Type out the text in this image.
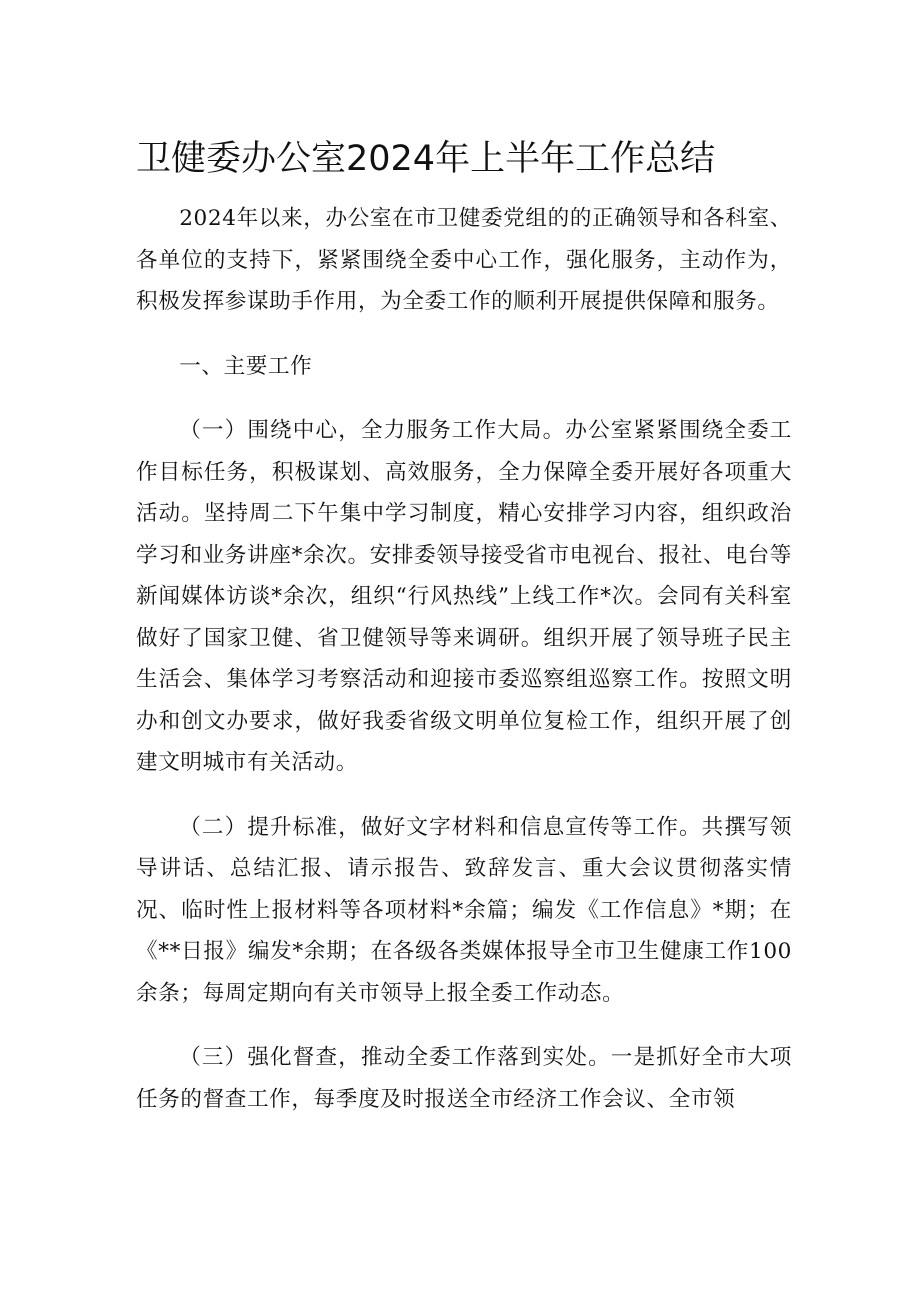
卫健委办公室2024年上半年工作总结

2024年以来，办公室在市卫健委党组的的正确领导和各科室、各单位的支持下，紧紧围绕全委中心工作，强化服务，主动作为，积极发挥参谋助手作用，为全委工作的顺利开展提供保障和服务。

一、主要工作

（一）围绕中心，全力服务工作大局。办公室紧紧围绕全委工作目标任务，积极谋划、高效服务，全力保障全委开展好各项重大活动。坚持周二下午集中学习制度，精心安排学习内容，组织政治学习和业务讲座*余次。安排委领导接受省市电视台、报社、电台等新闻媒体访谈*余次，组织“行风热线”上线工作*次。会同有关科室做好了国家卫健、省卫健领导等来调研。组织开展了领导班子民主生活会、集体学习考察活动和迎接市委巡察组巡察工作。按照文明办和创文办要求，做好我委省级文明单位复检工作，组织开展了创建文明城市有关活动。

（二）提升标准，做好文字材料和信息宣传等工作。共撰写领导讲话、总结汇报、请示报告、致辞发言、重大会议贯彻落实情况、临时性上报材料等各项材料*余篇；编发《工作信息》*期；在《**日报》编发*余期；在各级各类媒体报导全市卫生健康工作100余条；每周定期向有关市领导上报全委工作动态。

（三）强化督查，推动全委工作落到实处。一是抓好全市大项任务的督查工作，每季度及时报送全市经济工作会议、全市领
